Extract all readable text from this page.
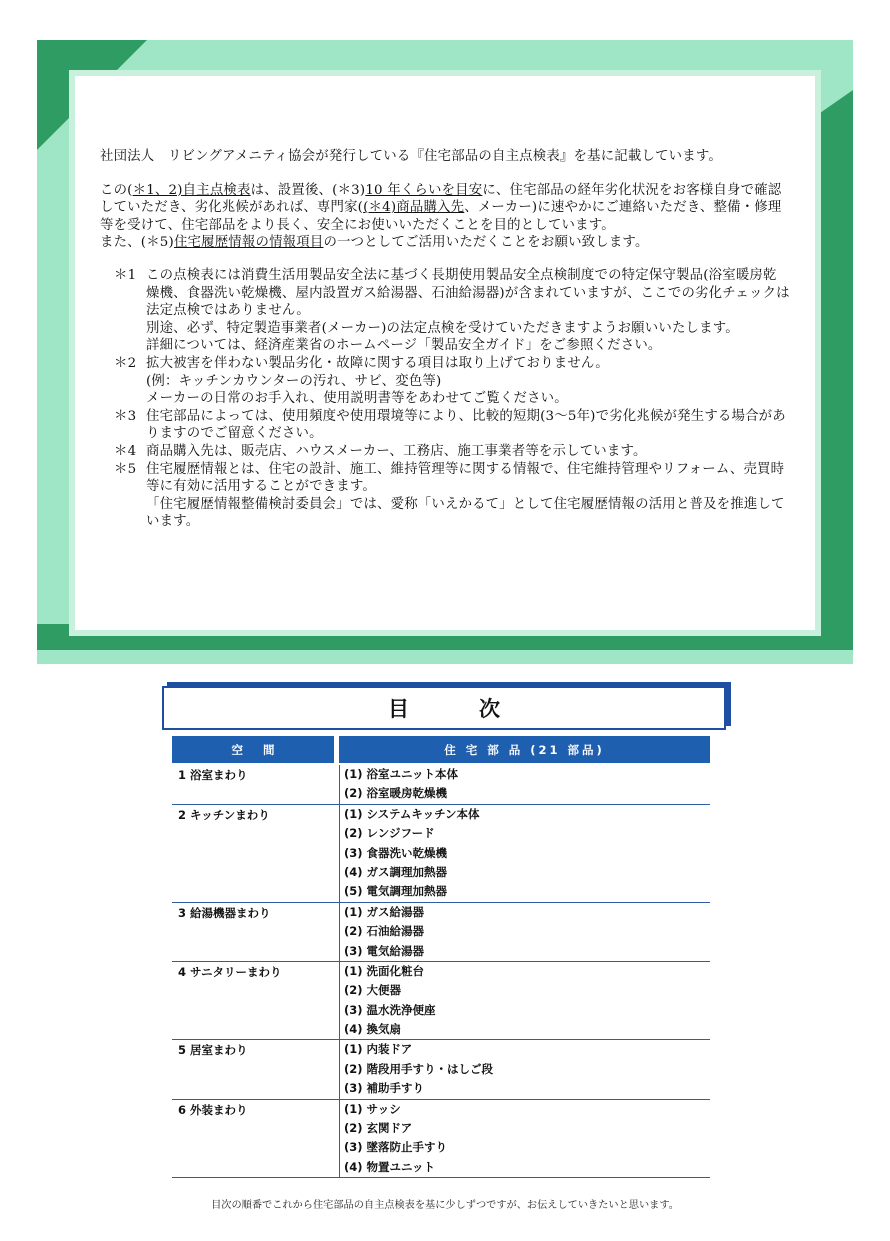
社団法人　リビングアメニティ協会が発行している『住宅部品の自主点検表』を基に記載しています。

この(＊1、2)自主点検表は、設置後、(＊3)10 年くらいを目安に、住宅部品の経年劣化状況をお客様自身で確認していただき、劣化兆候があれば、専門家((＊4)商品購入先、メーカー)に速やかにご連絡いただき、整備・修理等を受けて、住宅部品をより長く、安全にお使いいただくことを目的としています。

また、(＊5)住宅履歴情報の情報項目の一つとしてご活用いただくことをお願い致します。

＊1 この点検表には消費生活用製品安全法に基づく長期使用製品安全点検制度での特定保守製品(浴室暖房乾燥機、食器洗い乾燥機、屋内設置ガス給湯器、石油給湯器)が含まれていますが、ここでの劣化チェックは法定点検ではありません。

別途、必ず、特定製造事業者(メーカー)の法定点検を受けていただきますようお願いいたします。

詳細については、経済産業省のホームページ「製品安全ガイド」をご参照ください。

＊2 拡大被害を伴わない製品劣化・故障に関する項目は取り上げておりません。

(例：キッチンカウンターの汚れ、サビ、変色等)

メーカーの日常のお手入れ、使用説明書等をあわせてご覧ください。

＊3 住宅部品によっては、使用頻度や使用環境等により、比較的短期(3～5年)で劣化兆候が発生する場合がありますのでご留意ください。

＊4 商品購入先は、販売店、ハウスメーカー、工務店、施工事業者等を示しています。

＊5 住宅履歴情報とは、住宅の設計、施工、維持管理等に関する情報で、住宅維持管理やリフォーム、売買時等に有効に活用することができます。

「住宅履歴情報整備検討委員会」では、愛称「いえかるて」として住宅履歴情報の活用と普及を推進しています。

目次
空間	住 宅 部 品 (21 部品)
1 浴室まわり	(1) 浴室ユニット本体
(2) 浴室暖房乾燥機
2 キッチンまわり	(1) システムキッチン本体
(2) レンジフード
(3) 食器洗い乾燥機
(4) ガス調理加熱器
(5) 電気調理加熱器
3 給湯機器まわり	(1) ガス給湯器
(2) 石油給湯器
(3) 電気給湯器
4 サニタリーまわり	(1) 洗面化粧台
(2) 大便器
(3) 温水洗浄便座
(4) 換気扇
5 居室まわり	(1) 内装ドア
(2) 階段用手すり・はしご段
(3) 補助手すり
6 外装まわり	(1) サッシ
(2) 玄関ドア
(3) 墜落防止手すり
(4) 物置ユニット
目次の順番でこれから住宅部品の自主点検表を基に少しずつですが、お伝えしていきたいと思います。
